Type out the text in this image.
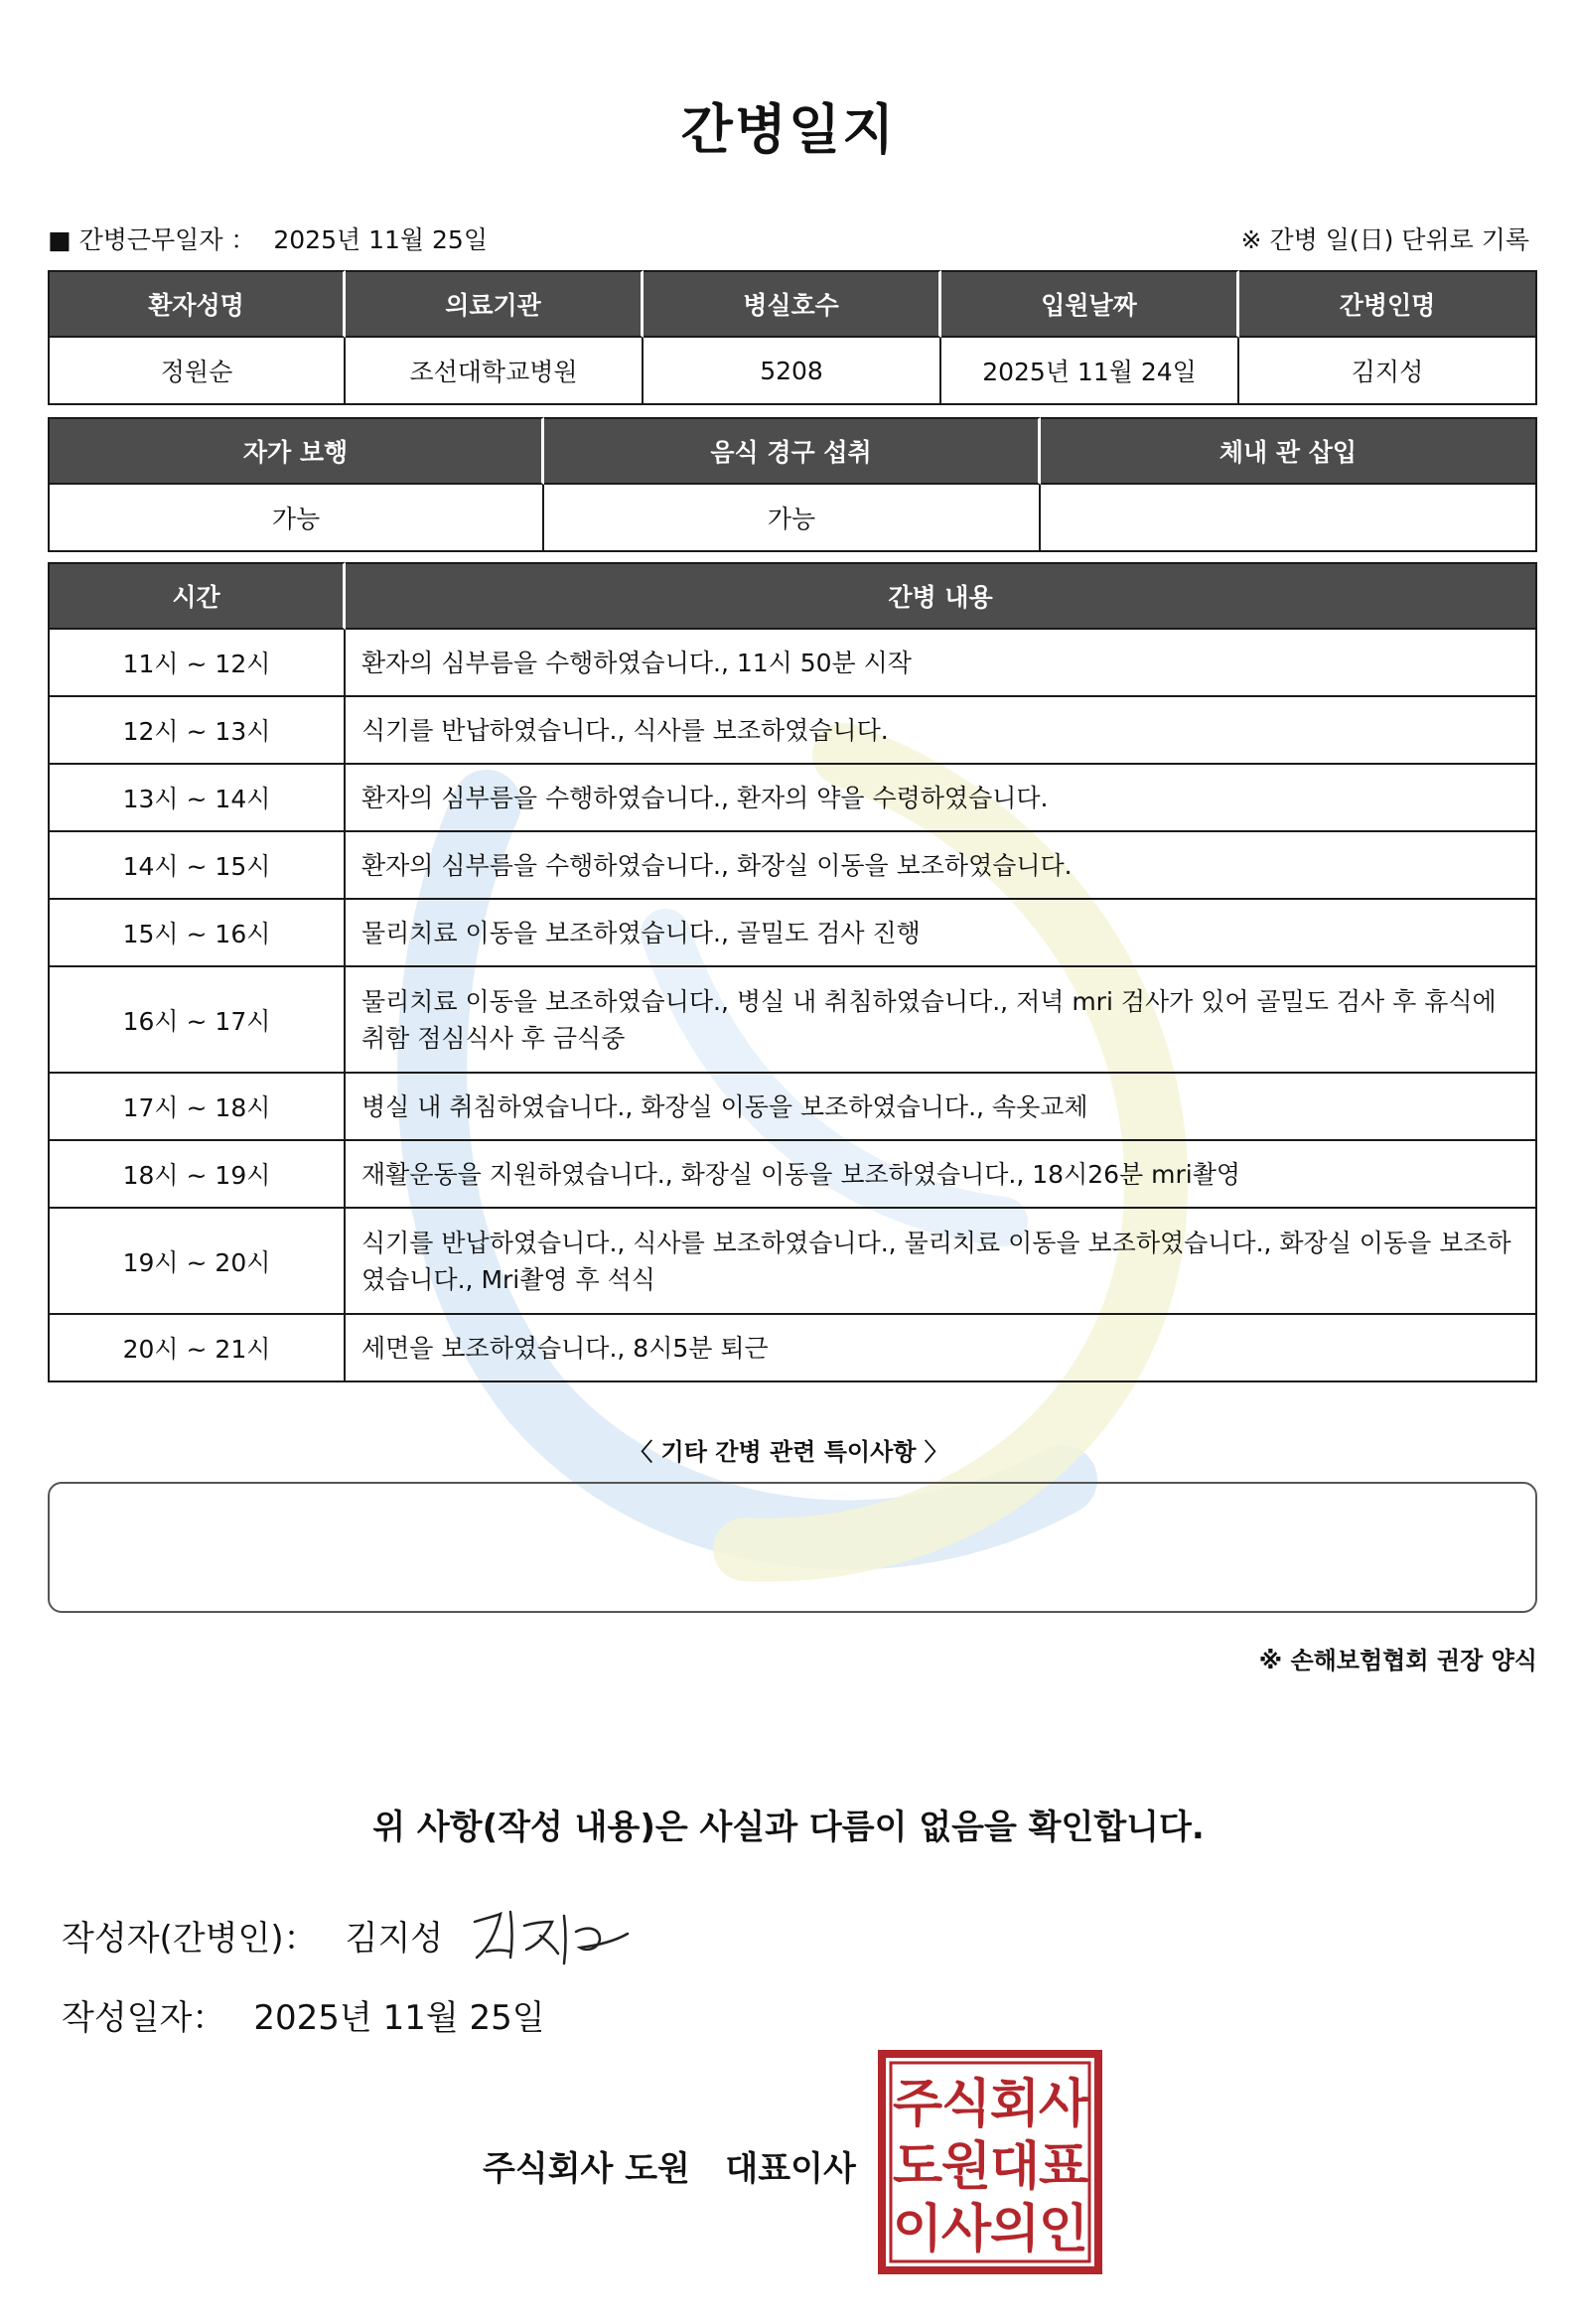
간병일지
■ 간병근무일자 ： 2025년 11월 25일	※ 간병 일(日) 단위로 기록
환자성명	의료기관	병실호수	입원날짜	간병인명
정원순	조선대학교병원	5208	2025년 11월 24일	김지성
자가 보행	음식 경구 섭취	체내 관 삽입
가능	가능	
시간	간병 내용
11시 ~ 12시	환자의 심부름을 수행하였습니다., 11시 50분 시작
12시 ~ 13시	식기를 반납하였습니다., 식사를 보조하였습니다.
13시 ~ 14시	환자의 심부름을 수행하였습니다., 환자의 약을 수령하였습니다.
14시 ~ 15시	환자의 심부름을 수행하였습니다., 화장실 이동을 보조하였습니다.
15시 ~ 16시	물리치료 이동을 보조하였습니다., 골밀도 검사 진행
16시 ~ 17시	물리치료 이동을 보조하였습니다., 병실 내 취침하였습니다., 저녁 mri 검사가 있어 골밀도 검사 후 휴식에 취함 점심식사 후 금식중
17시 ~ 18시	병실 내 취침하였습니다., 화장실 이동을 보조하였습니다., 속옷교체
18시 ~ 19시	재활운동을 지원하였습니다., 화장실 이동을 보조하였습니다., 18시26분 mri촬영
19시 ~ 20시	식기를 반납하였습니다., 식사를 보조하였습니다., 물리치료 이동을 보조하였습니다., 화장실 이동을 보조하였습니다., Mri촬영 후 석식
20시 ~ 21시	세면을 보조하였습니다., 8시5분 퇴근
〈 기타 간병 관련 특이사항 〉
※ 손해보험협회 권장 양식
위 사항(작성 내용)은 사실과 다름이 없음을 확인합니다.
작성자(간병인)： 김지성
작성일자： 2025년 11월 25일
주식회사 도원   대표이사
주
식
회
사
도
원
대
표
이
사
의
인
